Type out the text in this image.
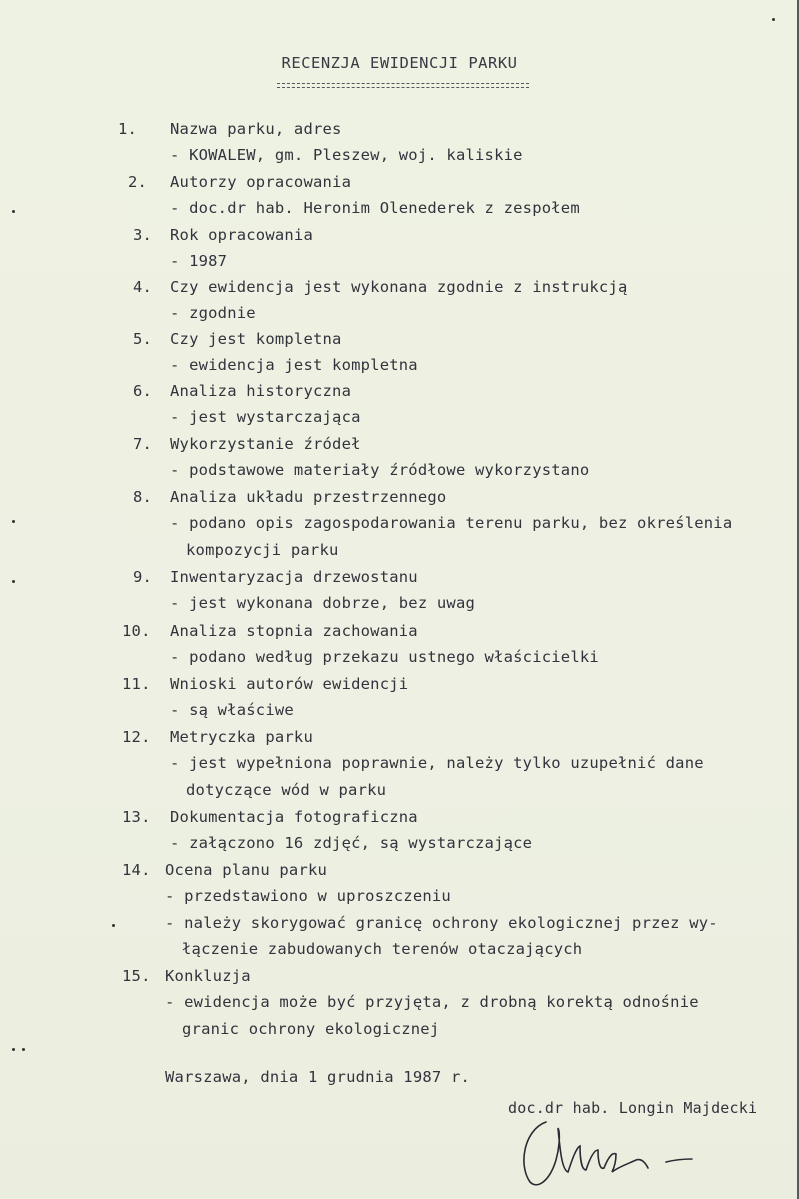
RECENZJA EWIDENCJI PARKU
1. Nazwa parku, adres
- KOWALEW, gm. Pleszew, woj. kaliskie
2. Autorzy opracowania
- doc.dr hab. Heronim Olenederek z zespołem
3. Rok opracowania
- 1987
4. Czy ewidencja jest wykonana zgodnie z instrukcją
- zgodnie
5. Czy jest kompletna
- ewidencja jest kompletna
6. Analiza historyczna
- jest wystarczająca
7. Wykorzystanie źródeł
- podstawowe materiały źródłowe wykorzystano
8. Analiza układu przestrzennego
- podano opis zagospodarowania terenu parku, bez określenia
kompozycji parku
9. Inwentaryzacja drzewostanu
- jest wykonana dobrze, bez uwag
10. Analiza stopnia zachowania
- podano według przekazu ustnego właścicielki
11. Wnioski autorów ewidencji
- są właściwe
12. Metryczka parku
- jest wypełniona poprawnie, należy tylko uzupełnić dane
dotyczące wód w parku
13. Dokumentacja fotograficzna
- załączono 16 zdjęć, są wystarczające
14. Ocena planu parku
- przedstawiono w uproszczeniu
- należy skorygować granicę ochrony ekologicznej przez wy-
łączenie zabudowanych terenów otaczających
15. Konkluzja
- ewidencja może być przyjęta, z drobną korektą odnośnie
granic ochrony ekologicznej
Warszawa, dnia 1 grudnia 1987 r.
doc.dr hab. Longin Majdecki
